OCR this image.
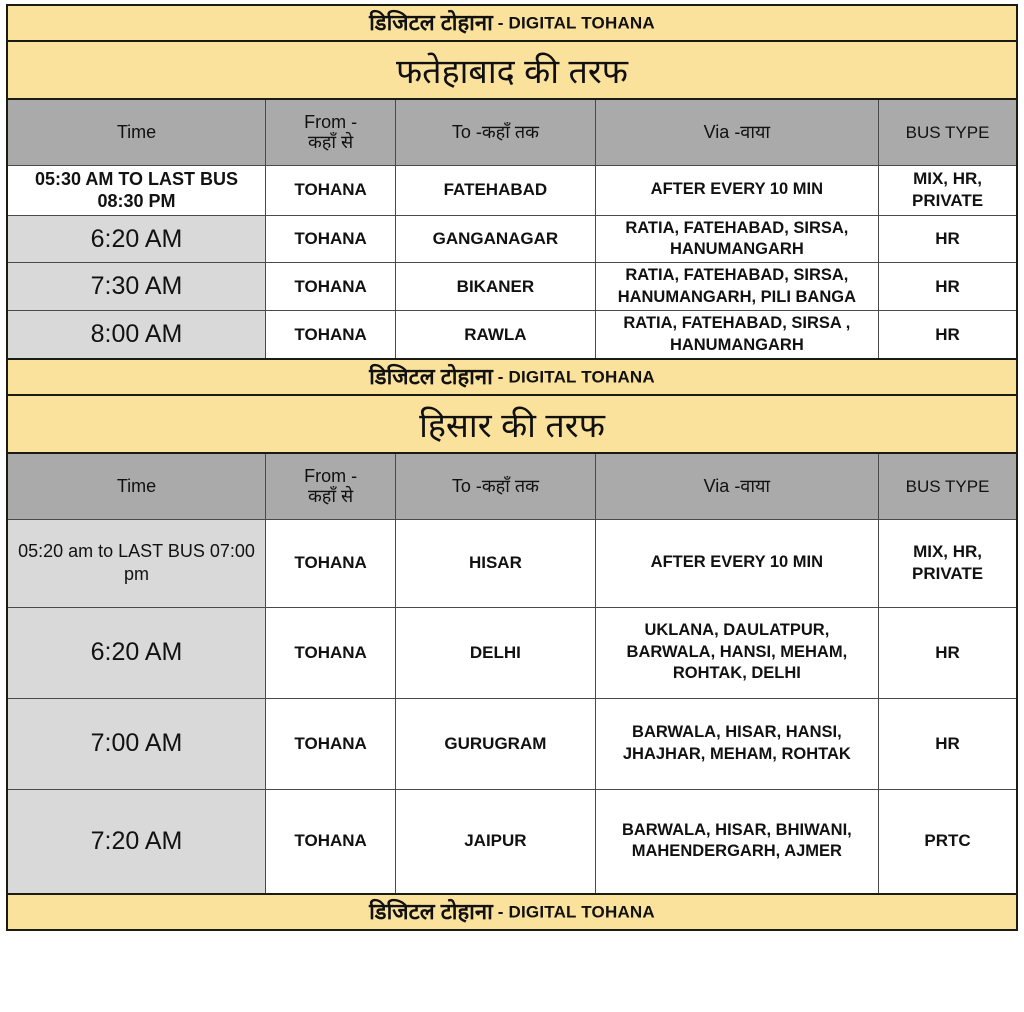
डिजिटल टोहाना - DIGITAL TOHANA				
फतेहाबाद की तरफ				
Time	From -
कहाँ से	To -कहाँ तक	Via -वाया	BUS TYPE
05:30 AM TO LAST BUS 08:30 PM	TOHANA	FATEHABAD	AFTER EVERY 10 MIN	MIX, HR, PRIVATE
6:20 AM	TOHANA	GANGANAGAR	RATIA, FATEHABAD, SIRSA, HANUMANGARH	HR
7:30 AM	TOHANA	BIKANER	RATIA, FATEHABAD, SIRSA, HANUMANGARH, PILI BANGA	HR
8:00 AM	TOHANA	RAWLA	RATIA, FATEHABAD, SIRSA , HANUMANGARH	HR
डिजिटल टोहाना - DIGITAL TOHANA				
हिसार की तरफ				
Time	From -
कहाँ से	To -कहाँ तक	Via -वाया	BUS TYPE
05:20 am to LAST BUS 07:00 pm	TOHANA	HISAR	AFTER EVERY 10 MIN	MIX, HR, PRIVATE
6:20 AM	TOHANA	DELHI	UKLANA, DAULATPUR, BARWALA, HANSI, MEHAM, ROHTAK, DELHI	HR
7:00 AM	TOHANA	GURUGRAM	BARWALA, HISAR, HANSI, JHAJHAR, MEHAM, ROHTAK	HR
7:20 AM	TOHANA	JAIPUR	BARWALA, HISAR, BHIWANI, MAHENDERGARH, AJMER	PRTC
डिजिटल टोहाना - DIGITAL TOHANA				
